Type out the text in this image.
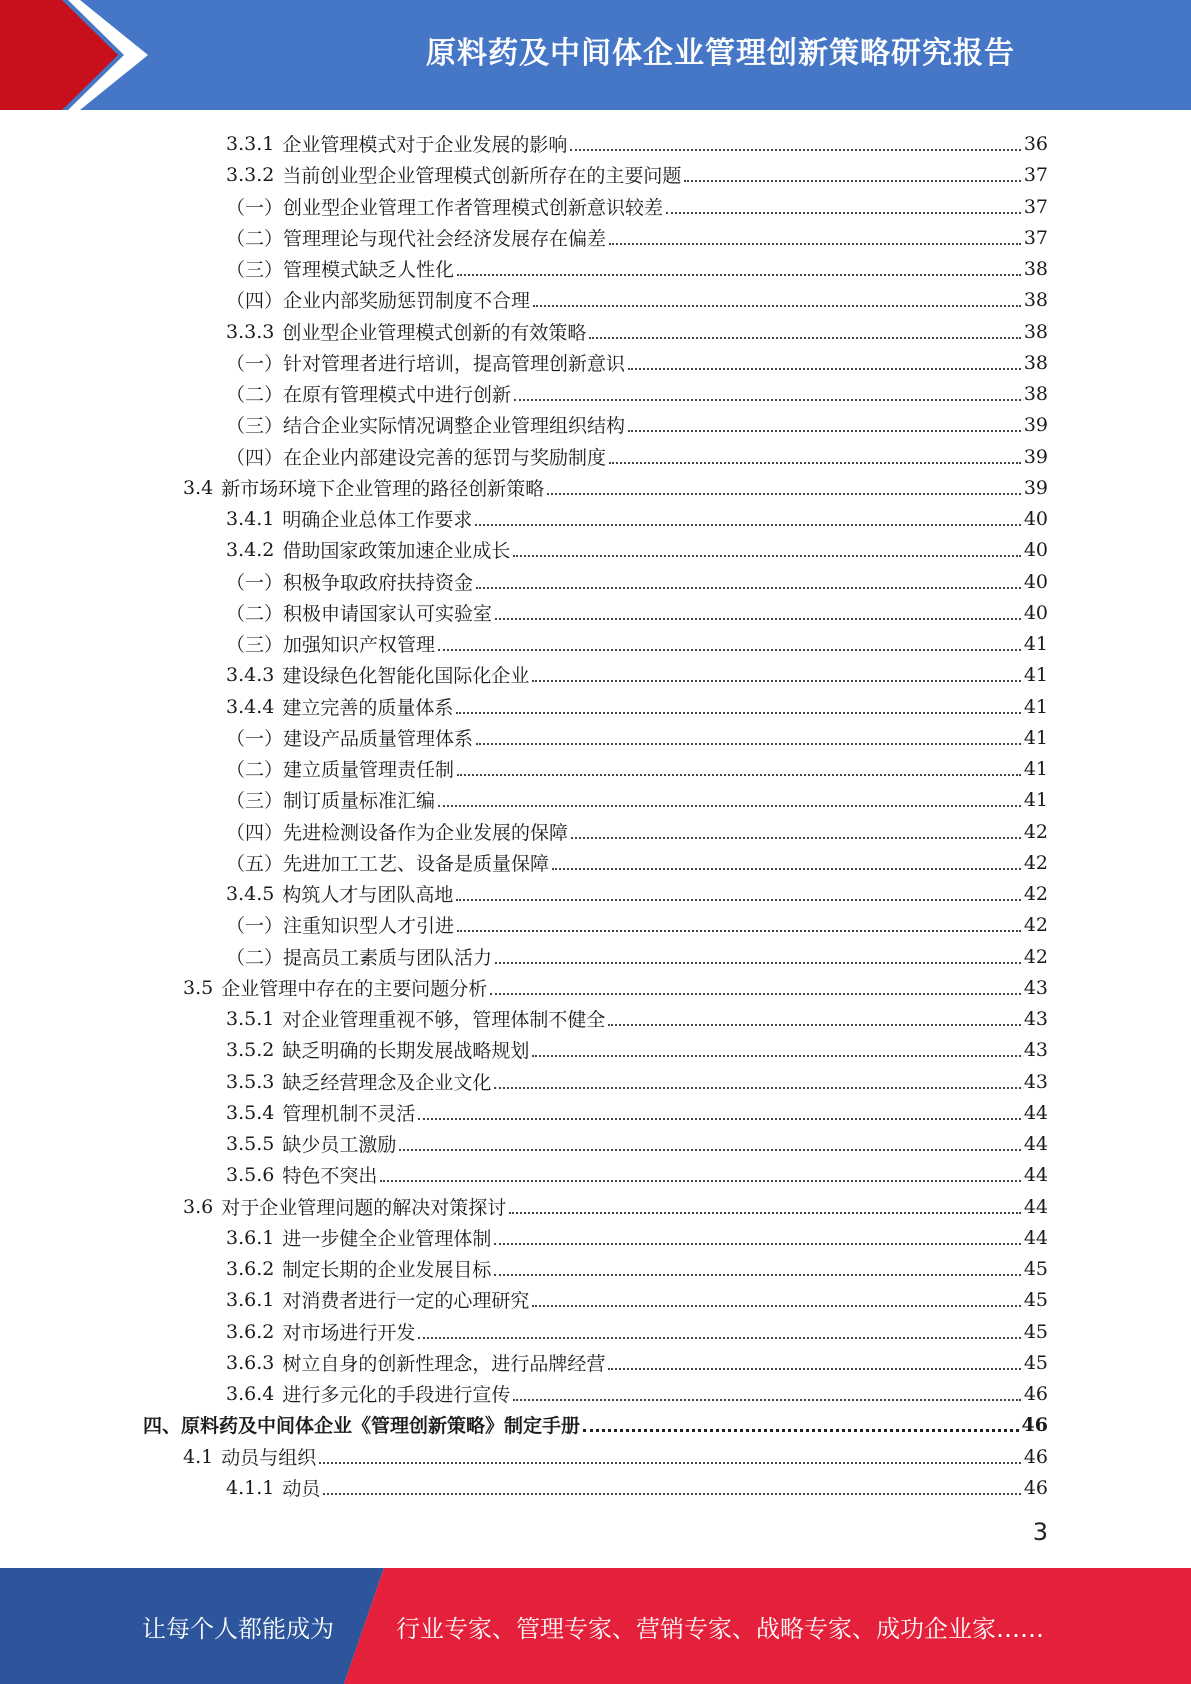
原料药及中间体企业管理创新策略研究报告
3.3.1 企业管理模式对于企业发展的影响	36
3.3.2 当前创业型企业管理模式创新所存在的主要问题	37
（一）创业型企业管理工作者管理模式创新意识较差	37
（二）管理理论与现代社会经济发展存在偏差	37
（三）管理模式缺乏人性化	38
（四）企业内部奖励惩罚制度不合理	38
3.3.3 创业型企业管理模式创新的有效策略	38
（一）针对管理者进行培训，提高管理创新意识	38
（二）在原有管理模式中进行创新	38
（三）结合企业实际情况调整企业管理组织结构	39
（四）在企业内部建设完善的惩罚与奖励制度	39
3.4 新市场环境下企业管理的路径创新策略	39
3.4.1 明确企业总体工作要求	40
3.4.2 借助国家政策加速企业成长	40
（一）积极争取政府扶持资金	40
（二）积极申请国家认可实验室	40
（三）加强知识产权管理	41
3.4.3 建设绿色化智能化国际化企业	41
3.4.4 建立完善的质量体系	41
（一）建设产品质量管理体系	41
（二）建立质量管理责任制	41
（三）制订质量标准汇编	41
（四）先进检测设备作为企业发展的保障	42
（五）先进加工工艺、设备是质量保障	42
3.4.5 构筑人才与团队高地	42
（一）注重知识型人才引进	42
（二）提高员工素质与团队活力	42
3.5 企业管理中存在的主要问题分析	43
3.5.1 对企业管理重视不够，管理体制不健全	43
3.5.2 缺乏明确的长期发展战略规划	43
3.5.3 缺乏经营理念及企业文化	43
3.5.4 管理机制不灵活	44
3.5.5 缺少员工激励	44
3.5.6 特色不突出	44
3.6 对于企业管理问题的解决对策探讨	44
3.6.1 进一步健全企业管理体制	44
3.6.2 制定长期的企业发展目标	45
3.6.1 对消费者进行一定的心理研究	45
3.6.2 对市场进行开发	45
3.6.3 树立自身的创新性理念，进行品牌经营	45
3.6.4 进行多元化的手段进行宣传	46
四、原料药及中间体企业《管理创新策略》制定手册	46
4.1 动员与组织	46
4.1.1 动员	46
3
让每个人都能成为	行业专家、管理专家、营销专家、战略专家、成功企业家……
